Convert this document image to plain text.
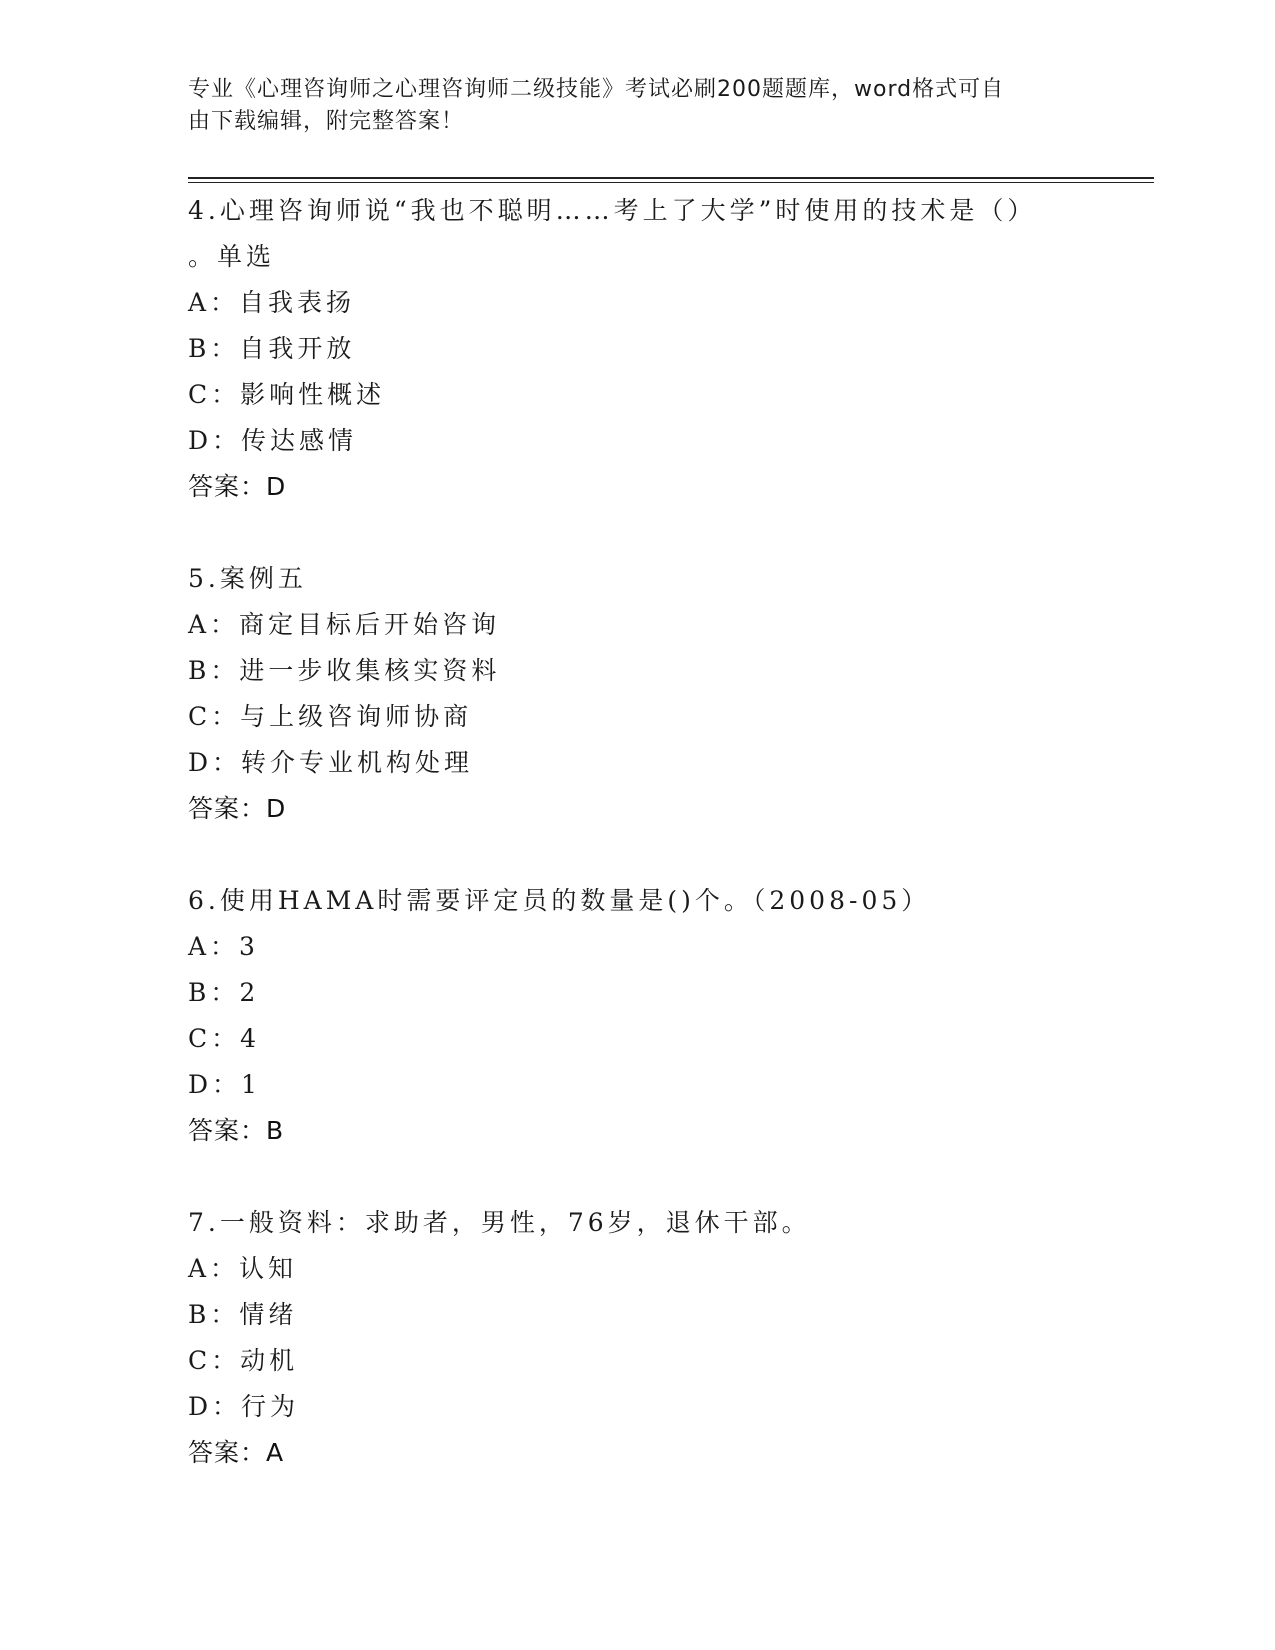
专业《心理咨询师之心理咨询师二级技能》考试必刷200题题库，word格式可自
由下载编辑，附完整答案！
4.心理咨询师说“我也不聪明……考上了大学”时使用的技术是（）
。单选
A：自我表扬
B：自我开放
C：影响性概述
D：传达感情
答案：D
5.案例五
A：商定目标后开始咨询
B：进一步收集核实资料
C：与上级咨询师协商
D：转介专业机构处理
答案：D
6.使用HAMA时需要评定员的数量是()个。（2008-05）
A：3
B：2
C：4
D：1
答案：B
7.一般资料：求助者，男性，76岁，退休干部。
A：认知
B：情绪
C：动机
D：行为
答案：A
